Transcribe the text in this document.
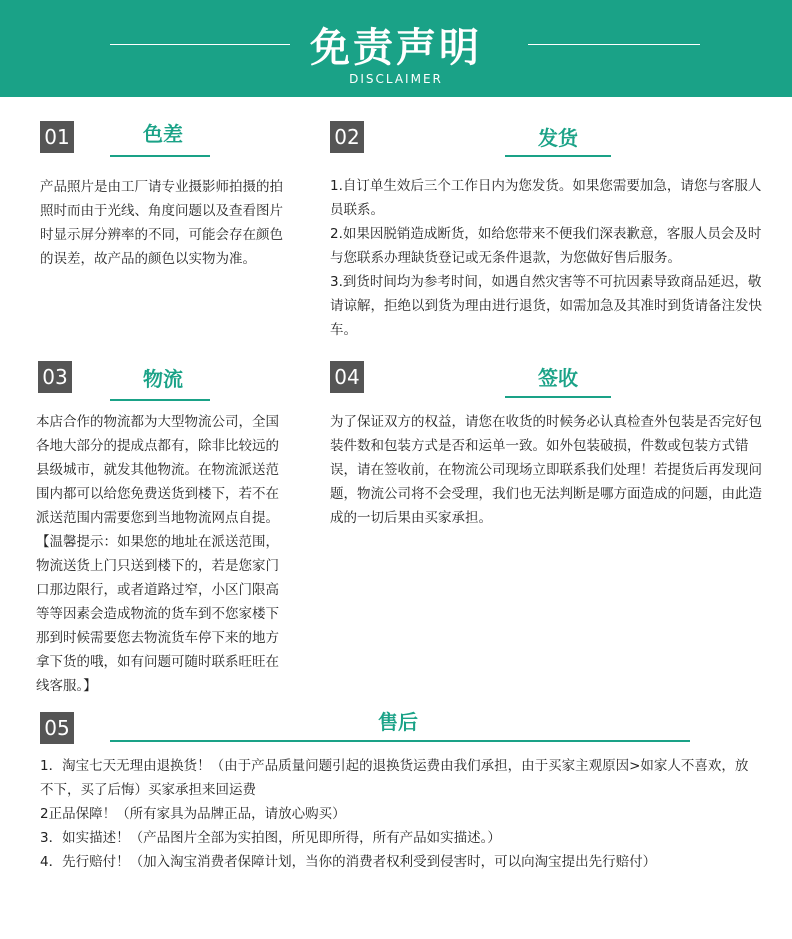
免责声明
DISCLAIMER
01	色差

产品照片是由工厂请专业摄影师拍摄的拍照时而由于光线、角度问题以及查看图片时显示屏分辨率的不同，可能会存在颜色的误差，故产品的颜色以实物为准。

02	发货

1.自订单生效后三个工作日内为您发货。如果您需要加急，请您与客服人员联系。

2.如果因脱销造成断货，如给您带来不便我们深表歉意，客服人员会及时与您联系办理缺货登记或无条件退款，为您做好售后服务。

3.到货时间均为参考时间，如遇自然灾害等不可抗因素导致商品延迟，敬请谅解，拒绝以到货为理由进行退货，如需加急及其准时到货请备注发快车。

03	物流

本店合作的物流都为大型物流公司，全国各地大部分的提成点都有，除非比较远的县级城市，就发其他物流。在物流派送范围内都可以给您免费送货到楼下，若不在派送范围内需要您到当地物流网点自提。

【温馨提示：如果您的地址在派送范围，物流送货上门只送到楼下的，若是您家门口那边限行，或者道路过窄，小区门限高等等因素会造成物流的货车到不您家楼下那到时候需要您去物流货车停下来的地方拿下货的哦，如有问题可随时联系旺旺在线客服。】

04	签收

为了保证双方的权益，请您在收货的时候务必认真检查外包装是否完好包装件数和包装方式是否和运单一致。如外包装破损，件数或包装方式错误，请在签收前，在物流公司现场立即联系我们处理！若提货后再发现问题，物流公司将不会受理，我们也无法判断是哪方面造成的问题，由此造成的一切后果由买家承担。

05	售后

1．淘宝七天无理由退换货！（由于产品质量问题引起的退换货运费由我们承担，由于买家主观原因>如家人不喜欢，放不下，买了后悔）买家承担来回运费

2正品保障！（所有家具为品牌正品，请放心购买）

3．如实描述！（产品图片全部为实拍图，所见即所得，所有产品如实描述。）

4．先行赔付！（加入淘宝消费者保障计划，当你的消费者权利受到侵害时，可以向淘宝提出先行赔付）
